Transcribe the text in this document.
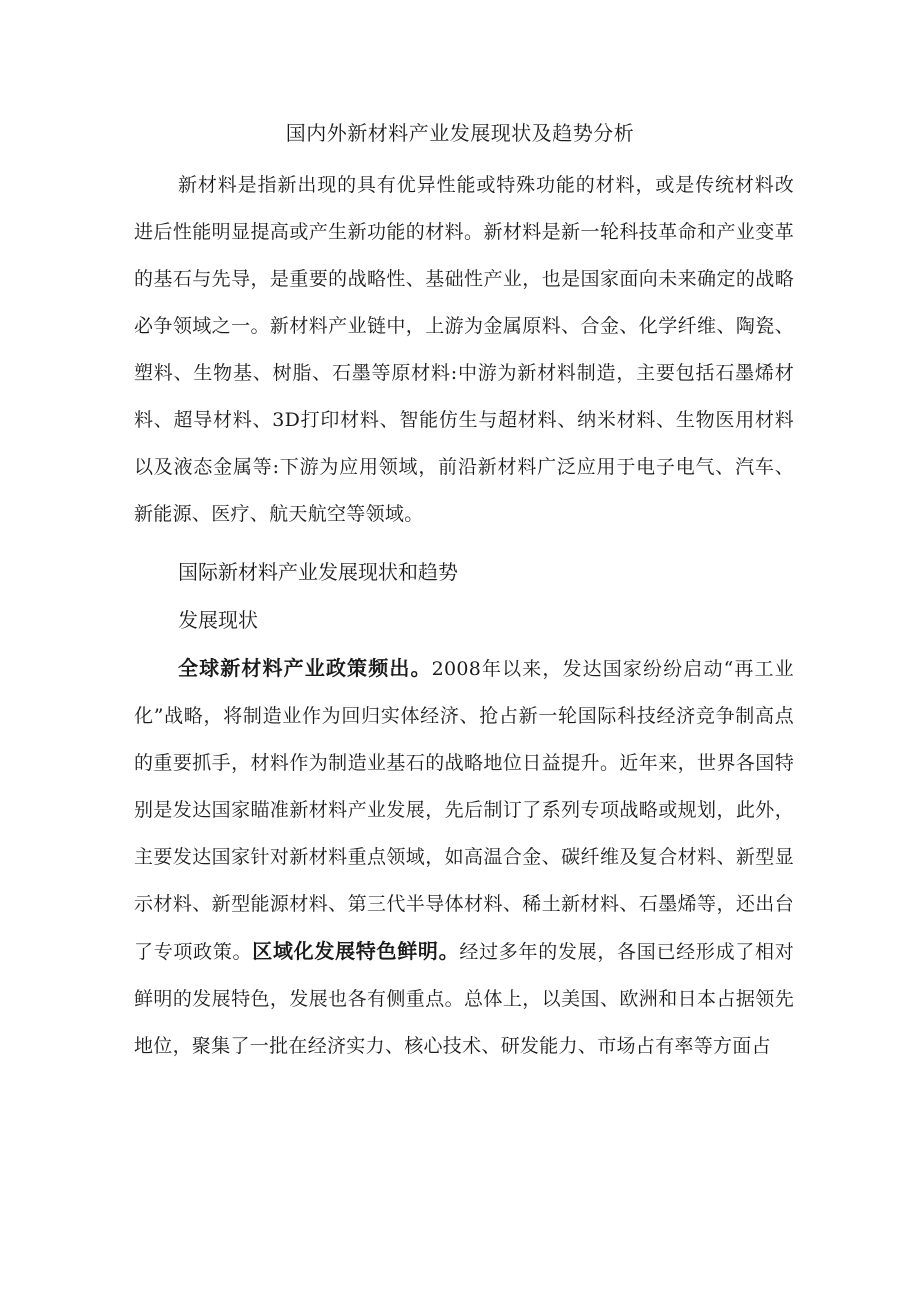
国内外新材料产业发展现状及趋势分析

新材料是指新出现的具有优异性能或特殊功能的材料，或是传统材料改进后性能明显提高或产生新功能的材料。新材料是新一轮科技革命和产业变革的基石与先导，是重要的战略性、基础性产业，也是国家面向未来确定的战略必争领域之一。新材料产业链中，上游为金属原料、合金、化学纤维、陶瓷、塑料、生物基、树脂、石墨等原材料:中游为新材料制造，主要包括石墨烯材料、超导材料、3D打印材料、智能仿生与超材料、纳米材料、生物医用材料以及液态金属等:下游为应用领域，前沿新材料广泛应用于电子电气、汽车、新能源、医疗、航天航空等领域。

国际新材料产业发展现状和趋势
发展现状

全球新材料产业政策频出。2008年以来，发达国家纷纷启动“再工业化”战略，将制造业作为回归实体经济、抢占新一轮国际科技经济竞争制高点的重要抓手，材料作为制造业基石的战略地位日益提升。近年来，世界各国特别是发达国家瞄准新材料产业发展，先后制订了系列专项战略或规划，此外，主要发达国家针对新材料重点领域，如高温合金、碳纤维及复合材料、新型显示材料、新型能源材料、第三代半导体材料、稀土新材料、石墨烯等，还出台了专项政策。区域化发展特色鲜明。经过多年的发展，各国已经形成了相对鲜明的发展特色，发展也各有侧重点。总体上，以美国、欧洲和日本占据领先地位，聚集了一批在经济实力、核心技术、研发能力、市场占有率等方面占
